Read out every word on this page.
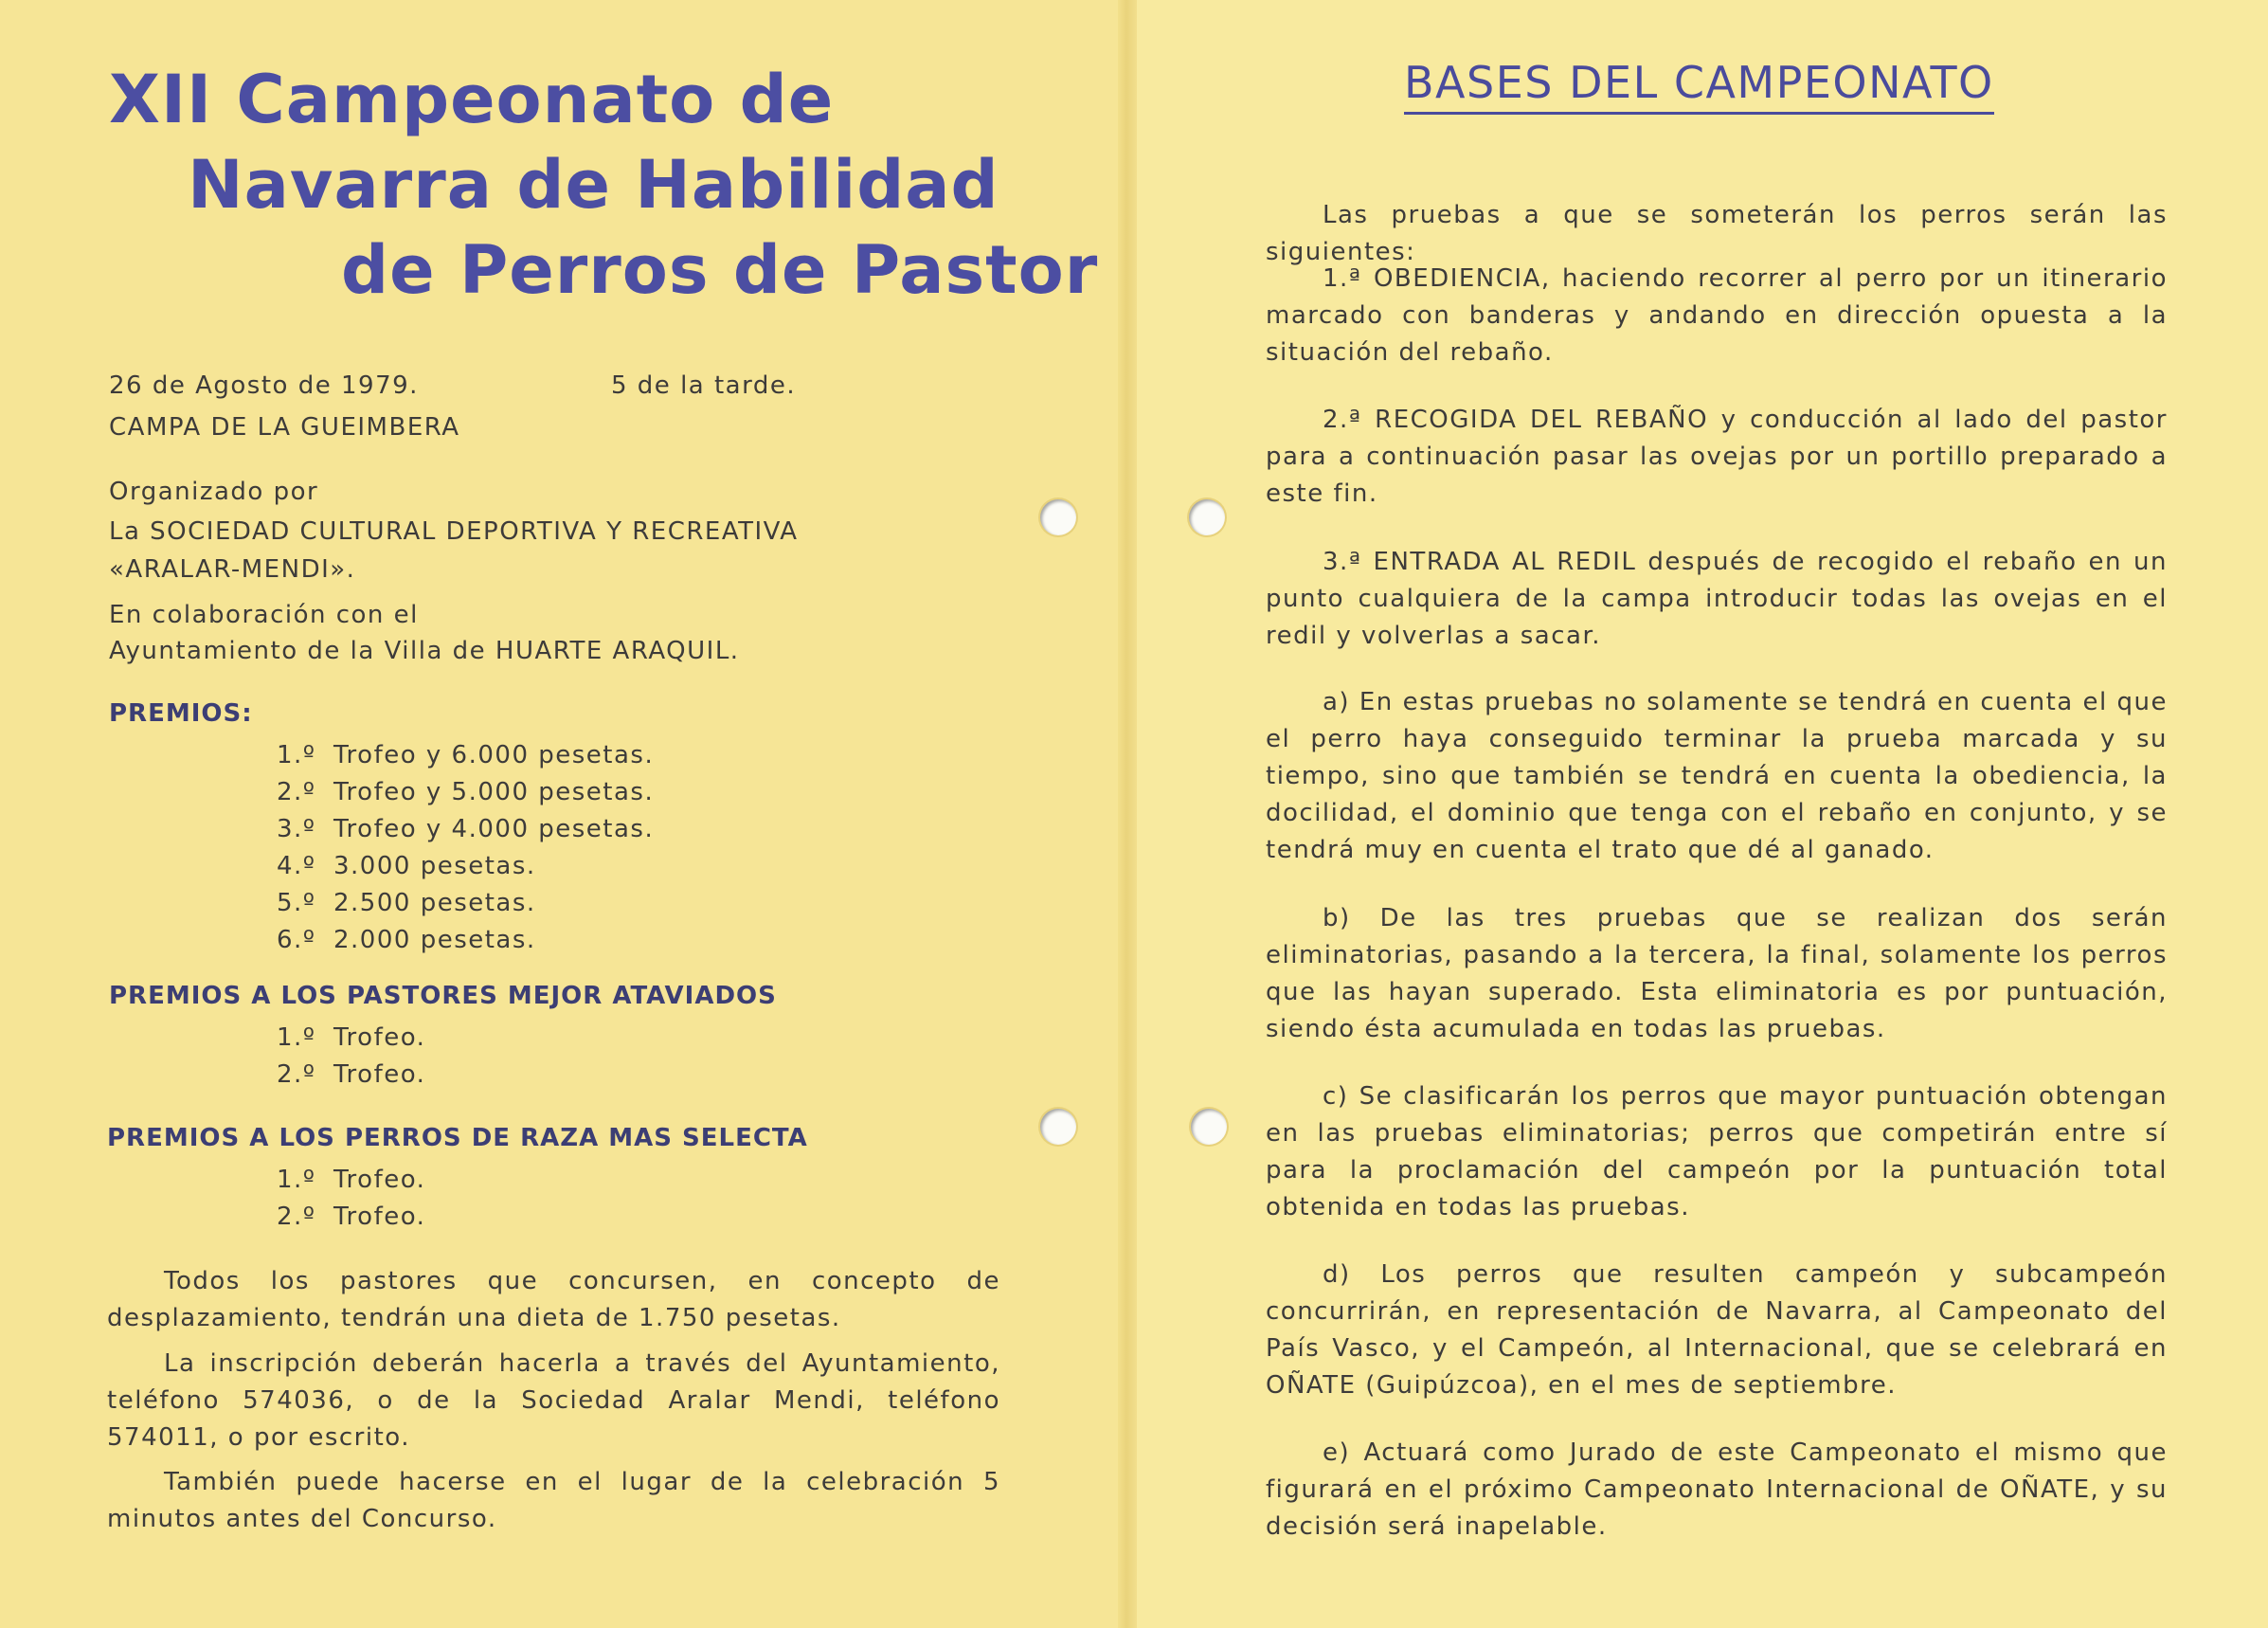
XII Campeonato de
Navarra de Habilidad
de Perros de Pastor
26 de Agosto de 1979.	5 de la tarde.
CAMPA DE LA GUEIMBERA
Organizado por
La SOCIEDAD CULTURAL DEPORTIVA Y RECREATIVA
«ARALAR-MENDI».
En colaboración con el
Ayuntamiento de la Villa de HUARTE ARAQUIL.
PREMIOS:
1.º Trofeo y 6.000 pesetas.
2.º Trofeo y 5.000 pesetas.
3.º Trofeo y 4.000 pesetas.
4.º 3.000 pesetas.
5.º 2.500 pesetas.
6.º 2.000 pesetas.
PREMIOS A LOS PASTORES MEJOR ATAVIADOS
1.º Trofeo.
2.º Trofeo.
PREMIOS A LOS PERROS DE RAZA MAS SELECTA
1.º Trofeo.
2.º Trofeo.
Todos los pastores que concursen, en concepto de desplazamiento, tendrán una dieta de 1.750 pesetas.
La inscripción deberán hacerla a través del Ayuntamiento, teléfono 574036, o de la Sociedad Aralar Mendi, teléfono 574011, o por escrito.
También puede hacerse en el lugar de la celebración 5 minutos antes del Concurso.
BASES DEL CAMPEONATO
Las pruebas a que se someterán los perros serán las siguientes:
1.ª OBEDIENCIA, haciendo recorrer al perro por un itinerario marcado con banderas y andando en dirección opuesta a la situación del rebaño.
2.ª RECOGIDA DEL REBAÑO y conducción al lado del pastor para a continuación pasar las ovejas por un portillo preparado a este fin.
3.ª ENTRADA AL REDIL después de recogido el rebaño en un punto cualquiera de la campa introducir todas las ovejas en el redil y volverlas a sacar.
a) En estas pruebas no solamente se tendrá en cuenta el que el perro haya conseguido terminar la prueba marcada y su tiempo, sino que también se tendrá en cuenta la obediencia, la docilidad, el dominio que tenga con el rebaño en conjunto, y se tendrá muy en cuenta el trato que dé al ganado.
b) De las tres pruebas que se realizan dos serán eliminatorias, pasando a la tercera, la final, solamente los perros que las hayan superado. Esta eliminatoria es por puntuación, siendo ésta acumulada en todas las pruebas.
c) Se clasificarán los perros que mayor puntuación obtengan en las pruebas eliminatorias; perros que competirán entre sí para la proclamación del campeón por la puntuación total obtenida en todas las pruebas.
d) Los perros que resulten campeón y subcampeón concurrirán, en representación de Navarra, al Campeonato del País Vasco, y el Campeón, al Internacional, que se celebrará en OÑATE (Guipúzcoa), en el mes de septiembre.
e) Actuará como Jurado de este Campeonato el mismo que figurará en el próximo Campeonato Internacional de OÑATE, y su decisión será inapelable.
